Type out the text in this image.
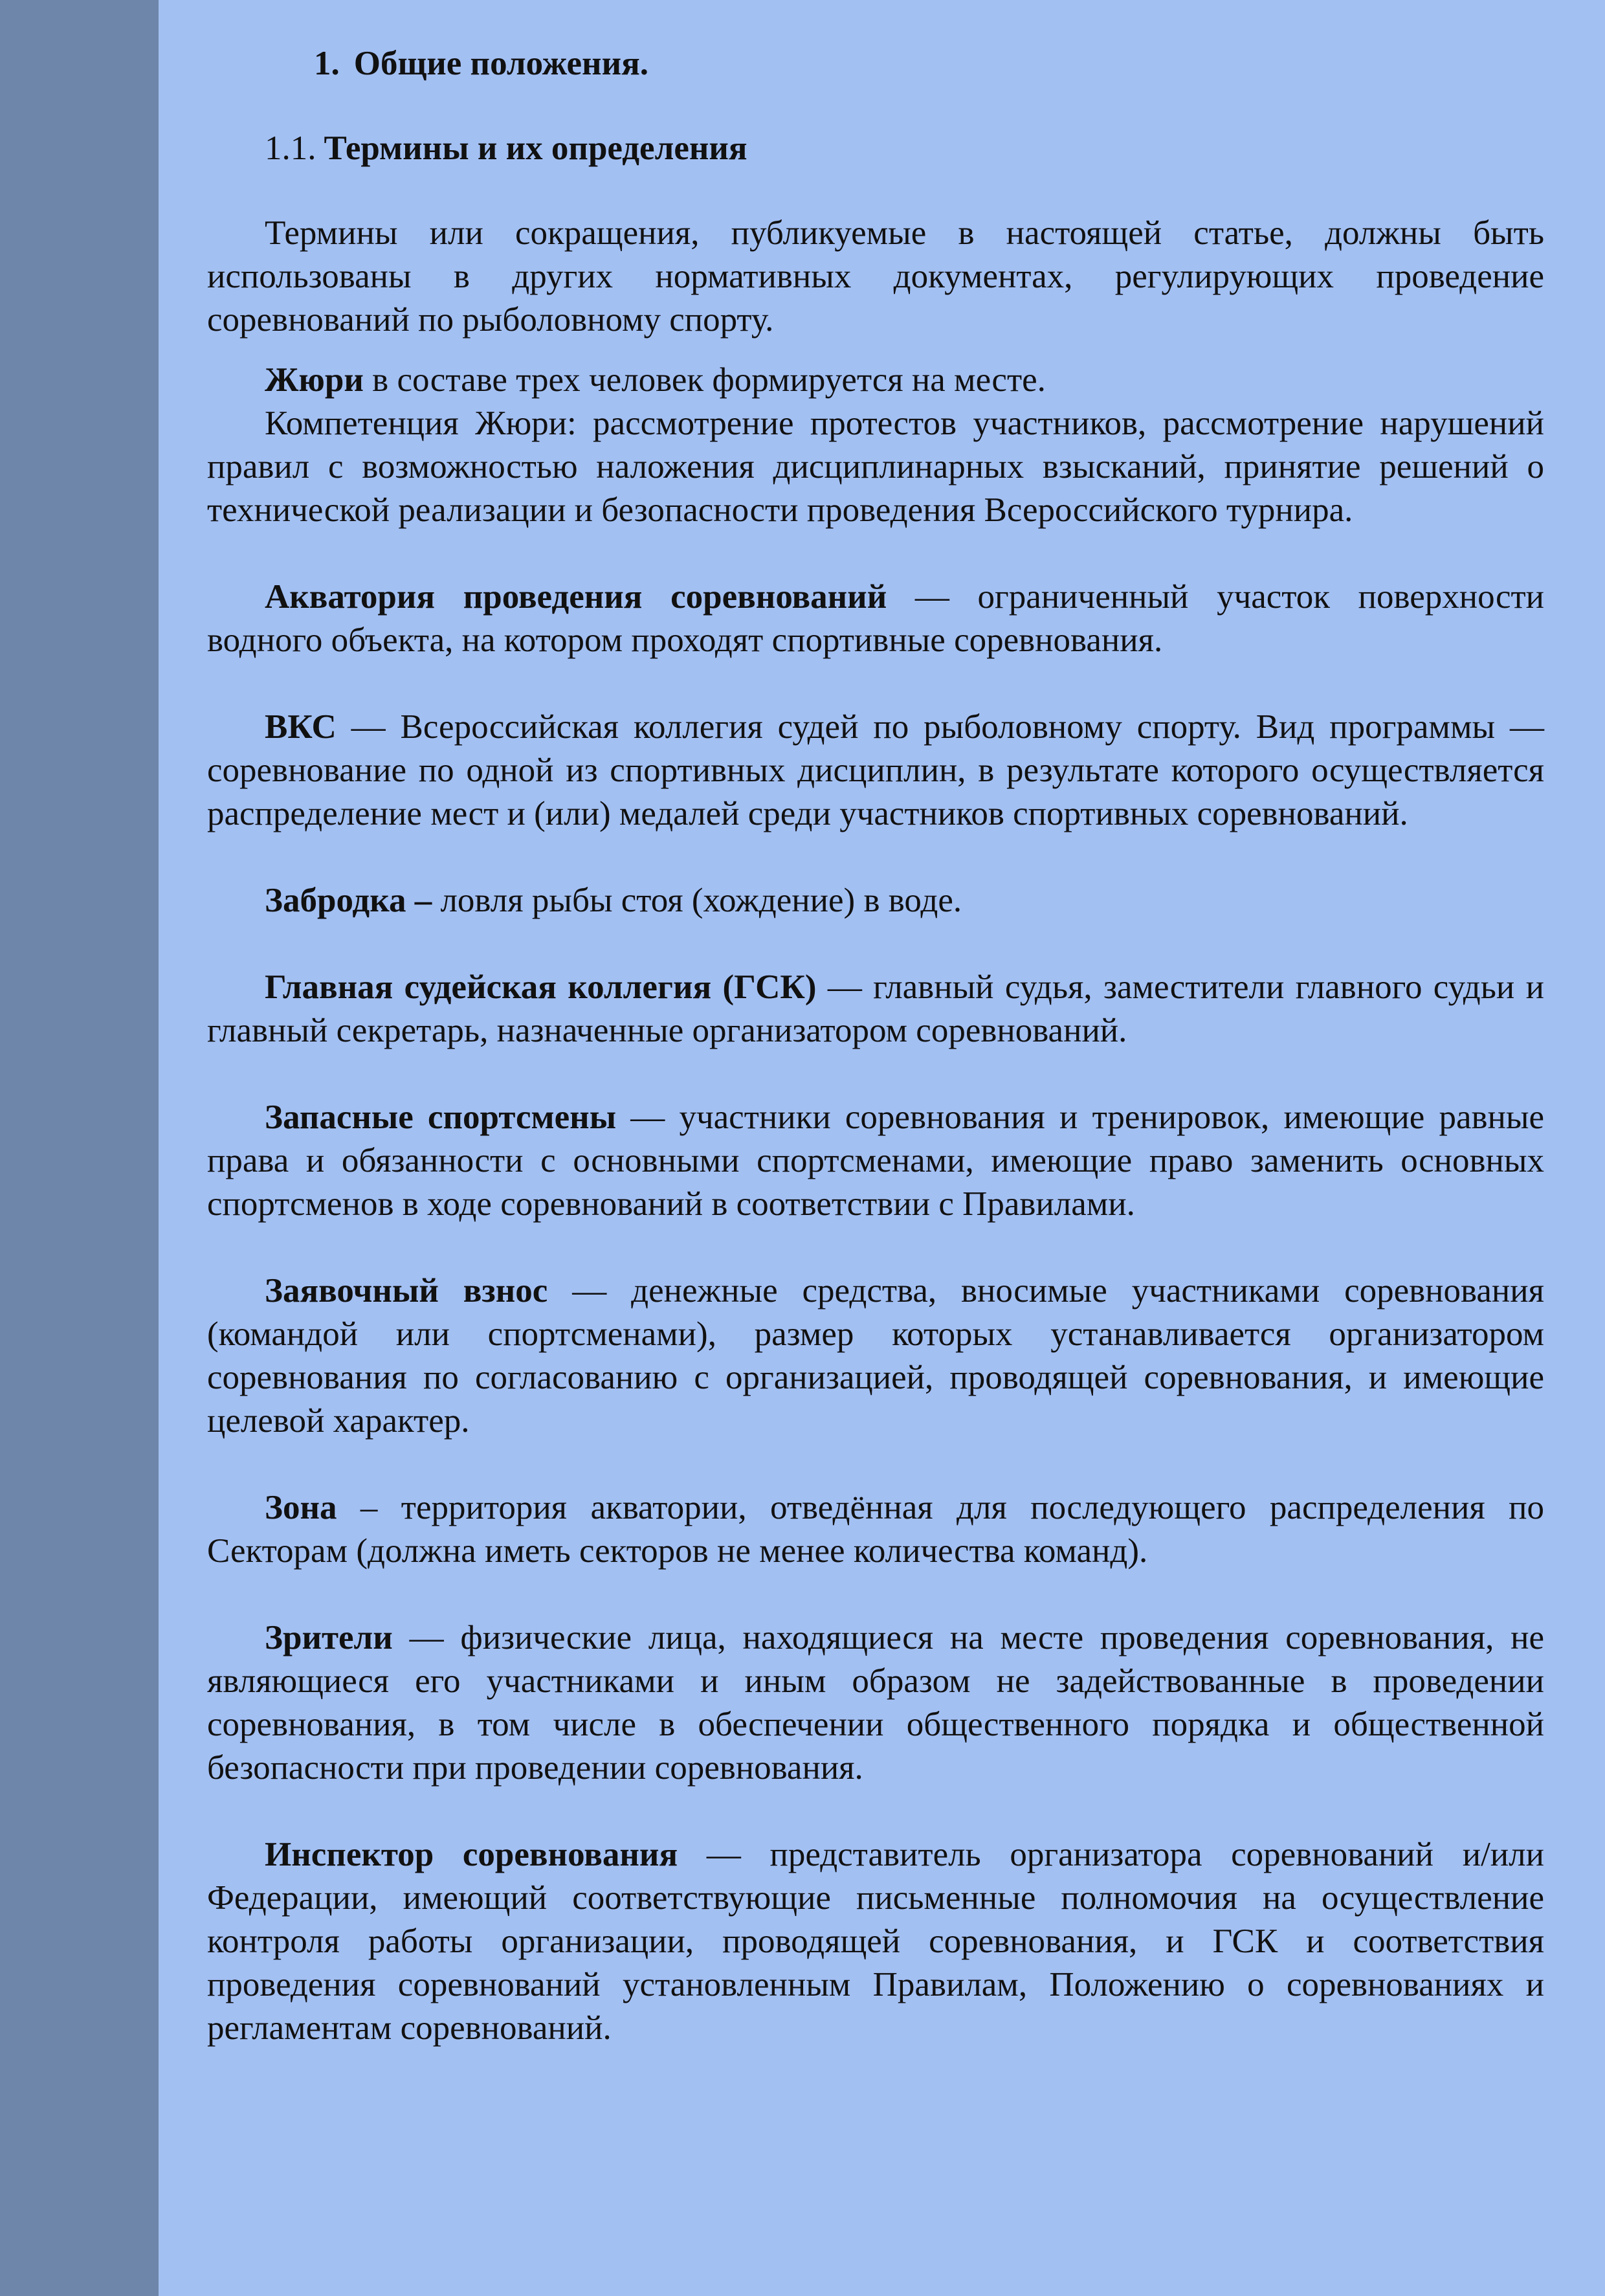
1. Общие положения.
1.1. Термины и их определения

Термины или сокращения, публикуемые в настоящей статье, должны быть использованы в других нормативных документах, регулирующих проведение соревнований по рыболовному спорту.

Жюри в составе трех человек формируется на месте.

Компетенция Жюри: рассмотрение протестов участников, рассмотрение нарушений правил с возможностью наложения дисциплинарных взысканий, принятие решений о технической реализации и безопасности проведения Всероссийского турнира.

Акватория проведения соревнований — ограниченный участок поверхности водного объекта, на котором проходят спортивные соревнования.

ВКС — Всероссийская коллегия судей по рыболовному спорту. Вид программы — соревнование по одной из спортивных дисциплин, в результате которого осуществляется распределение мест и (или) медалей среди участников спортивных соревнований.

Забродка – ловля рыбы стоя (хождение) в воде.

Главная судейская коллегия (ГСК) — главный судья, заместители главного судьи и главный секретарь, назначенные организатором соревнований.

Запасные спортсмены — участники соревнования и тренировок, имеющие равные права и обязанности с основными спортсменами, имеющие право заменить основных спортсменов в ходе соревнований в соответствии с Правилами.

Заявочный взнос — денежные средства, вносимые участниками соревнования (командой или спортсменами), размер которых устанавливается организатором соревнования по согласованию с организацией, проводящей соревнования, и имеющие целевой характер.

Зона – территория акватории, отведённая для последующего распределения по Секторам (должна иметь секторов не менее количества команд).

Зрители — физические лица, находящиеся на месте проведения соревнования, не являющиеся его участниками и иным образом не задействованные в проведении соревнования, в том числе в обеспечении общественного порядка и общественной безопасности при проведении соревнования.

Инспектор соревнования — представитель организатора соревнований и/или Федерации, имеющий соответствующие письменные полномочия на осуществление контроля работы организации, проводящей соревнования, и ГСК и соответствия проведения соревнований установленным Правилам, Положению о соревнованиях и регламентам соревнований.
